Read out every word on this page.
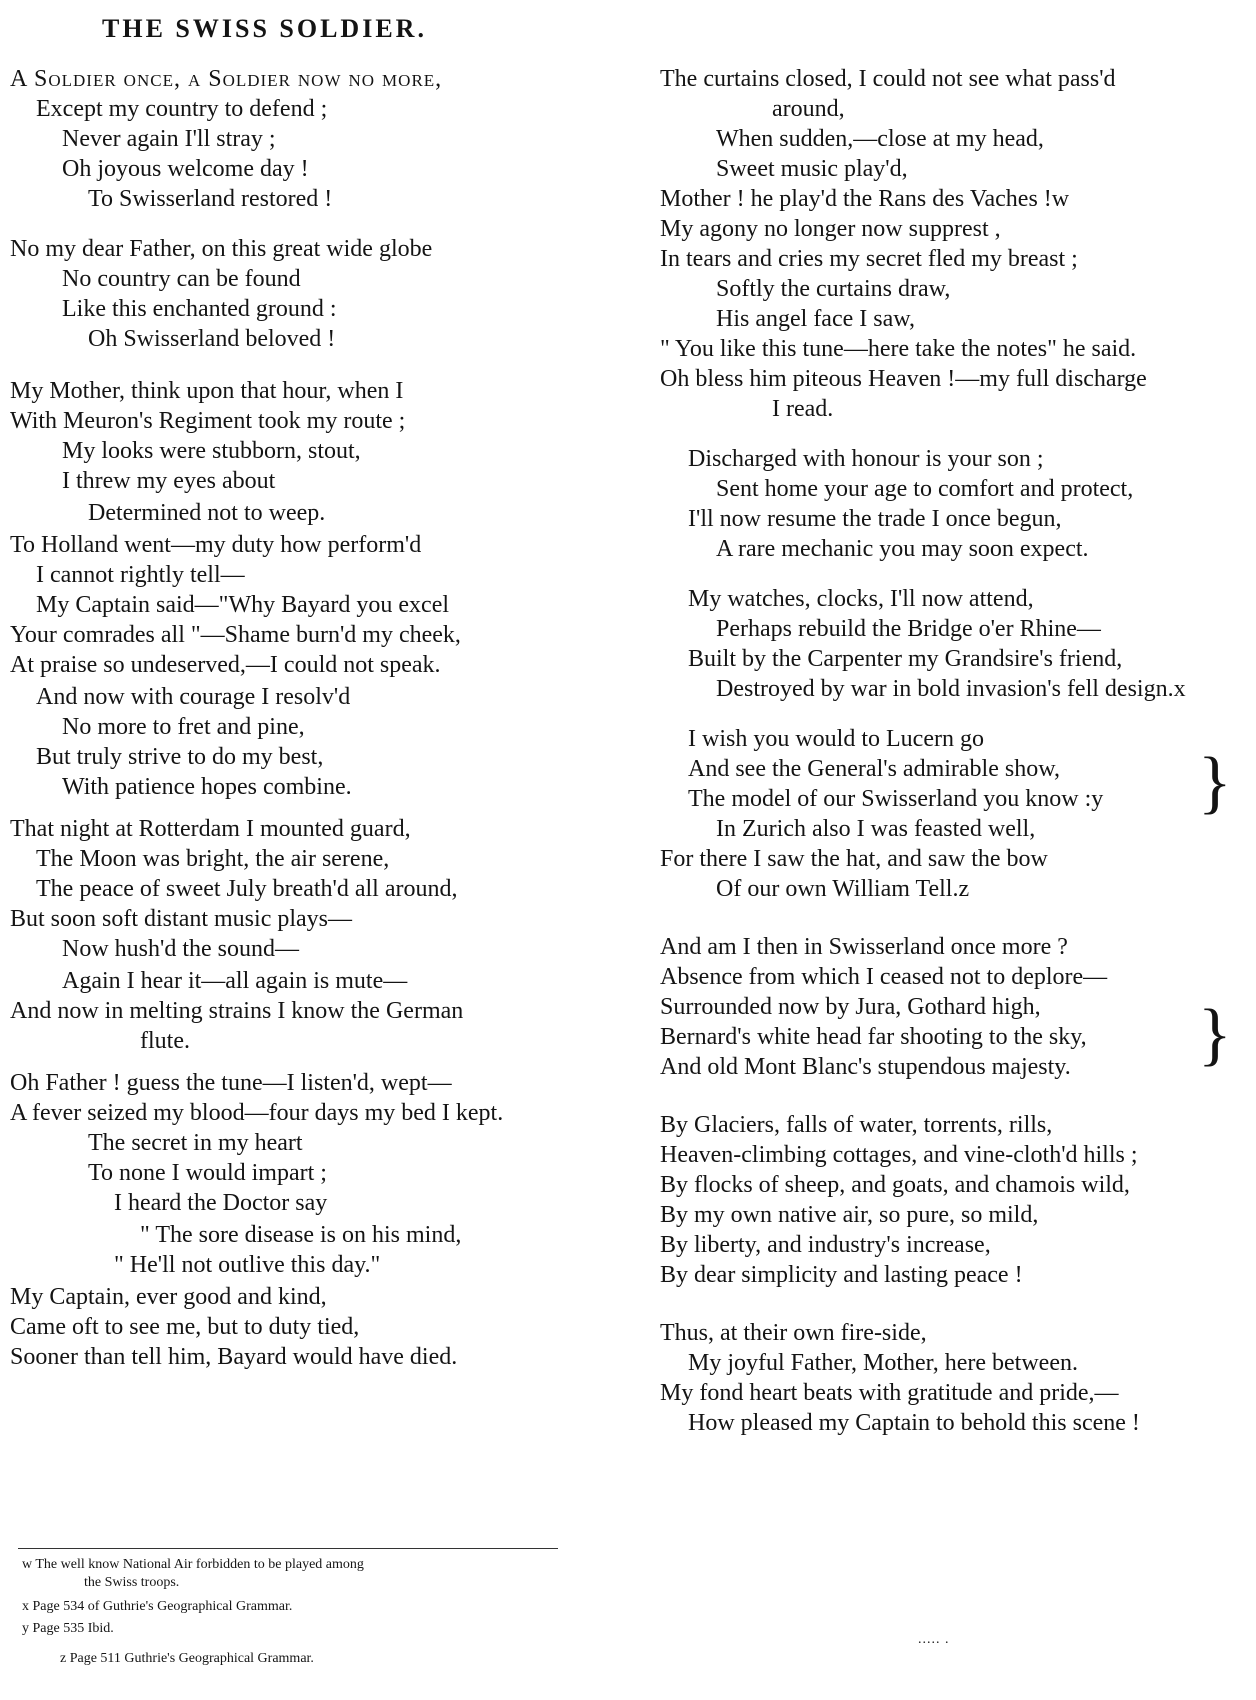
THE SWISS SOLDIER.
A Soldier once, a Soldier now no more,
Except my country to defend ;
Never again I'll stray ;
Oh joyous welcome day !
To Swisserland restored !
No my dear Father, on this great wide globe
No country can be found
Like this enchanted ground :
Oh Swisserland beloved !
My Mother, think upon that hour, when I
With Meuron's Regiment took my route ;
My looks were stubborn, stout,
I threw my eyes about
Determined not to weep.
To Holland went—my duty how perform'd
I cannot rightly tell—
My Captain said—"Why Bayard you excel
Your comrades all "—Shame burn'd my cheek,
At praise so undeserved,—I could not speak.
And now with courage I resolv'd
No more to fret and pine,
But truly strive to do my best,
With patience hopes combine.
That night at Rotterdam I mounted guard,
The Moon was bright, the air serene,
The peace of sweet July breath'd all around,
But soon soft distant music plays—
Now hush'd the sound—
Again I hear it—all again is mute—
And now in melting strains I know the German
flute.
Oh Father ! guess the tune—I listen'd, wept—
A fever seized my blood—four days my bed I kept.
The secret in my heart
To none I would impart ;
I heard the Doctor say
" The sore disease is on his mind,
" He'll not outlive this day."
My Captain, ever good and kind,
Came oft to see me, but to duty tied,
Sooner than tell him, Bayard would have died.
w The well know National Air forbidden to be played among
the Swiss troops.
x Page 534 of Guthrie's Geographical Grammar.
y Page 535 Ibid.
z Page 511 Guthrie's Geographical Grammar.
The curtains closed, I could not see what pass'd
around,
When sudden,—close at my head,
Sweet music play'd,
Mother ! he play'd the Rans des Vaches !w
My agony no longer now supprest ,
In tears and cries my secret fled my breast ;
Softly the curtains draw,
His angel face I saw,
" You like this tune—here take the notes" he said.
Oh bless him piteous Heaven !—my full discharge
I read.
Discharged with honour is your son ;
Sent home your age to comfort and protect,
I'll now resume the trade I once begun,
A rare mechanic you may soon expect.
My watches, clocks, I'll now attend,
Perhaps rebuild the Bridge o'er Rhine—
Built by the Carpenter my Grandsire's friend,
Destroyed by war in bold invasion's fell design.x
I wish you would to Lucern go
And see the General's admirable show,
The model of our Swisserland you know :y
In Zurich also I was feasted well,
For there I saw the hat, and saw the bow
Of our own William Tell.z
And am I then in Swisserland once more ?
Absence from which I ceased not to deplore—
Surrounded now by Jura, Gothard high,
Bernard's white head far shooting to the sky,
And old Mont Blanc's stupendous majesty.
By Glaciers, falls of water, torrents, rills,
Heaven-climbing cottages, and vine-cloth'd hills ;
By flocks of sheep, and goats, and chamois wild,
By my own native air, so pure, so mild,
By liberty, and industry's increase,
By dear simplicity and lasting peace !
Thus, at their own fire-side,
My joyful Father, Mother, here between.
My fond heart beats with gratitude and pride,—
How pleased my Captain to behold this scene !
}
}
..... .
